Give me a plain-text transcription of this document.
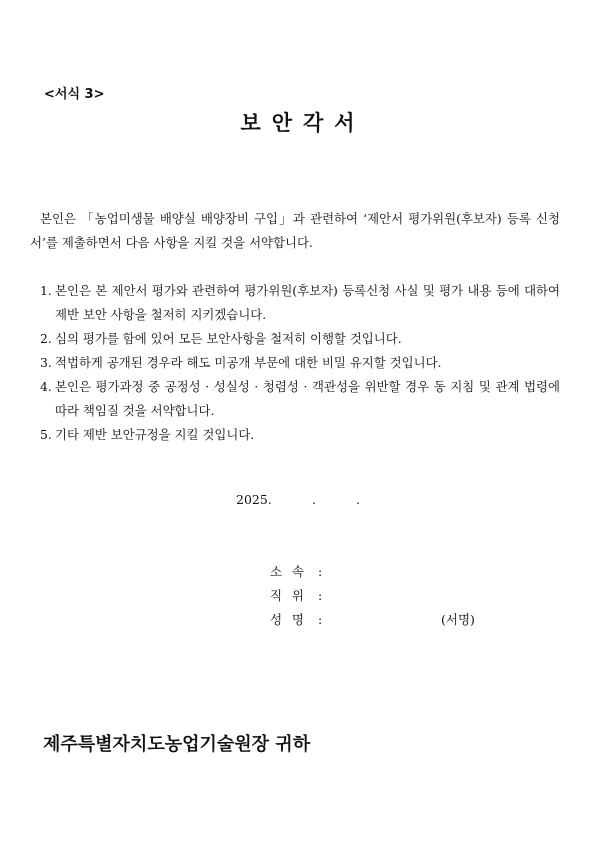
<서식 3>
보안각서
본인은 「농업미생물 배양실 배양장비 구입」과 관련하여 ‘제안서 평가위원(후보자) 등록 신청서’를 제출하면서 다음 사항을 지킬 것을 서약합니다.
1. 본인은 본 제안서 평가와 관련하여 평가위원(후보자) 등록신청 사실 및 평가 내용 등에 대하여 제반 보안 사항을 철저히 지키겠습니다.
2. 심의 평가를 함에 있어 모든 보안사항을 철저히 이행할 것입니다.
3. 적법하게 공개된 경우라 해도 미공개 부문에 대한 비밀 유지할 것입니다.
4. 본인은 평가과정 중 공정성 · 성실성 · 청렴성 · 객관성을 위반할 경우 동 지침 및 관계 법령에 따라 책임질 것을 서약합니다.
5. 기타 제반 보안규정을 지킬 것입니다.
2025.	.	.
소 속 :
직 위 :
성 명 :	(서명)
제주특별자치도농업기술원장 귀하
